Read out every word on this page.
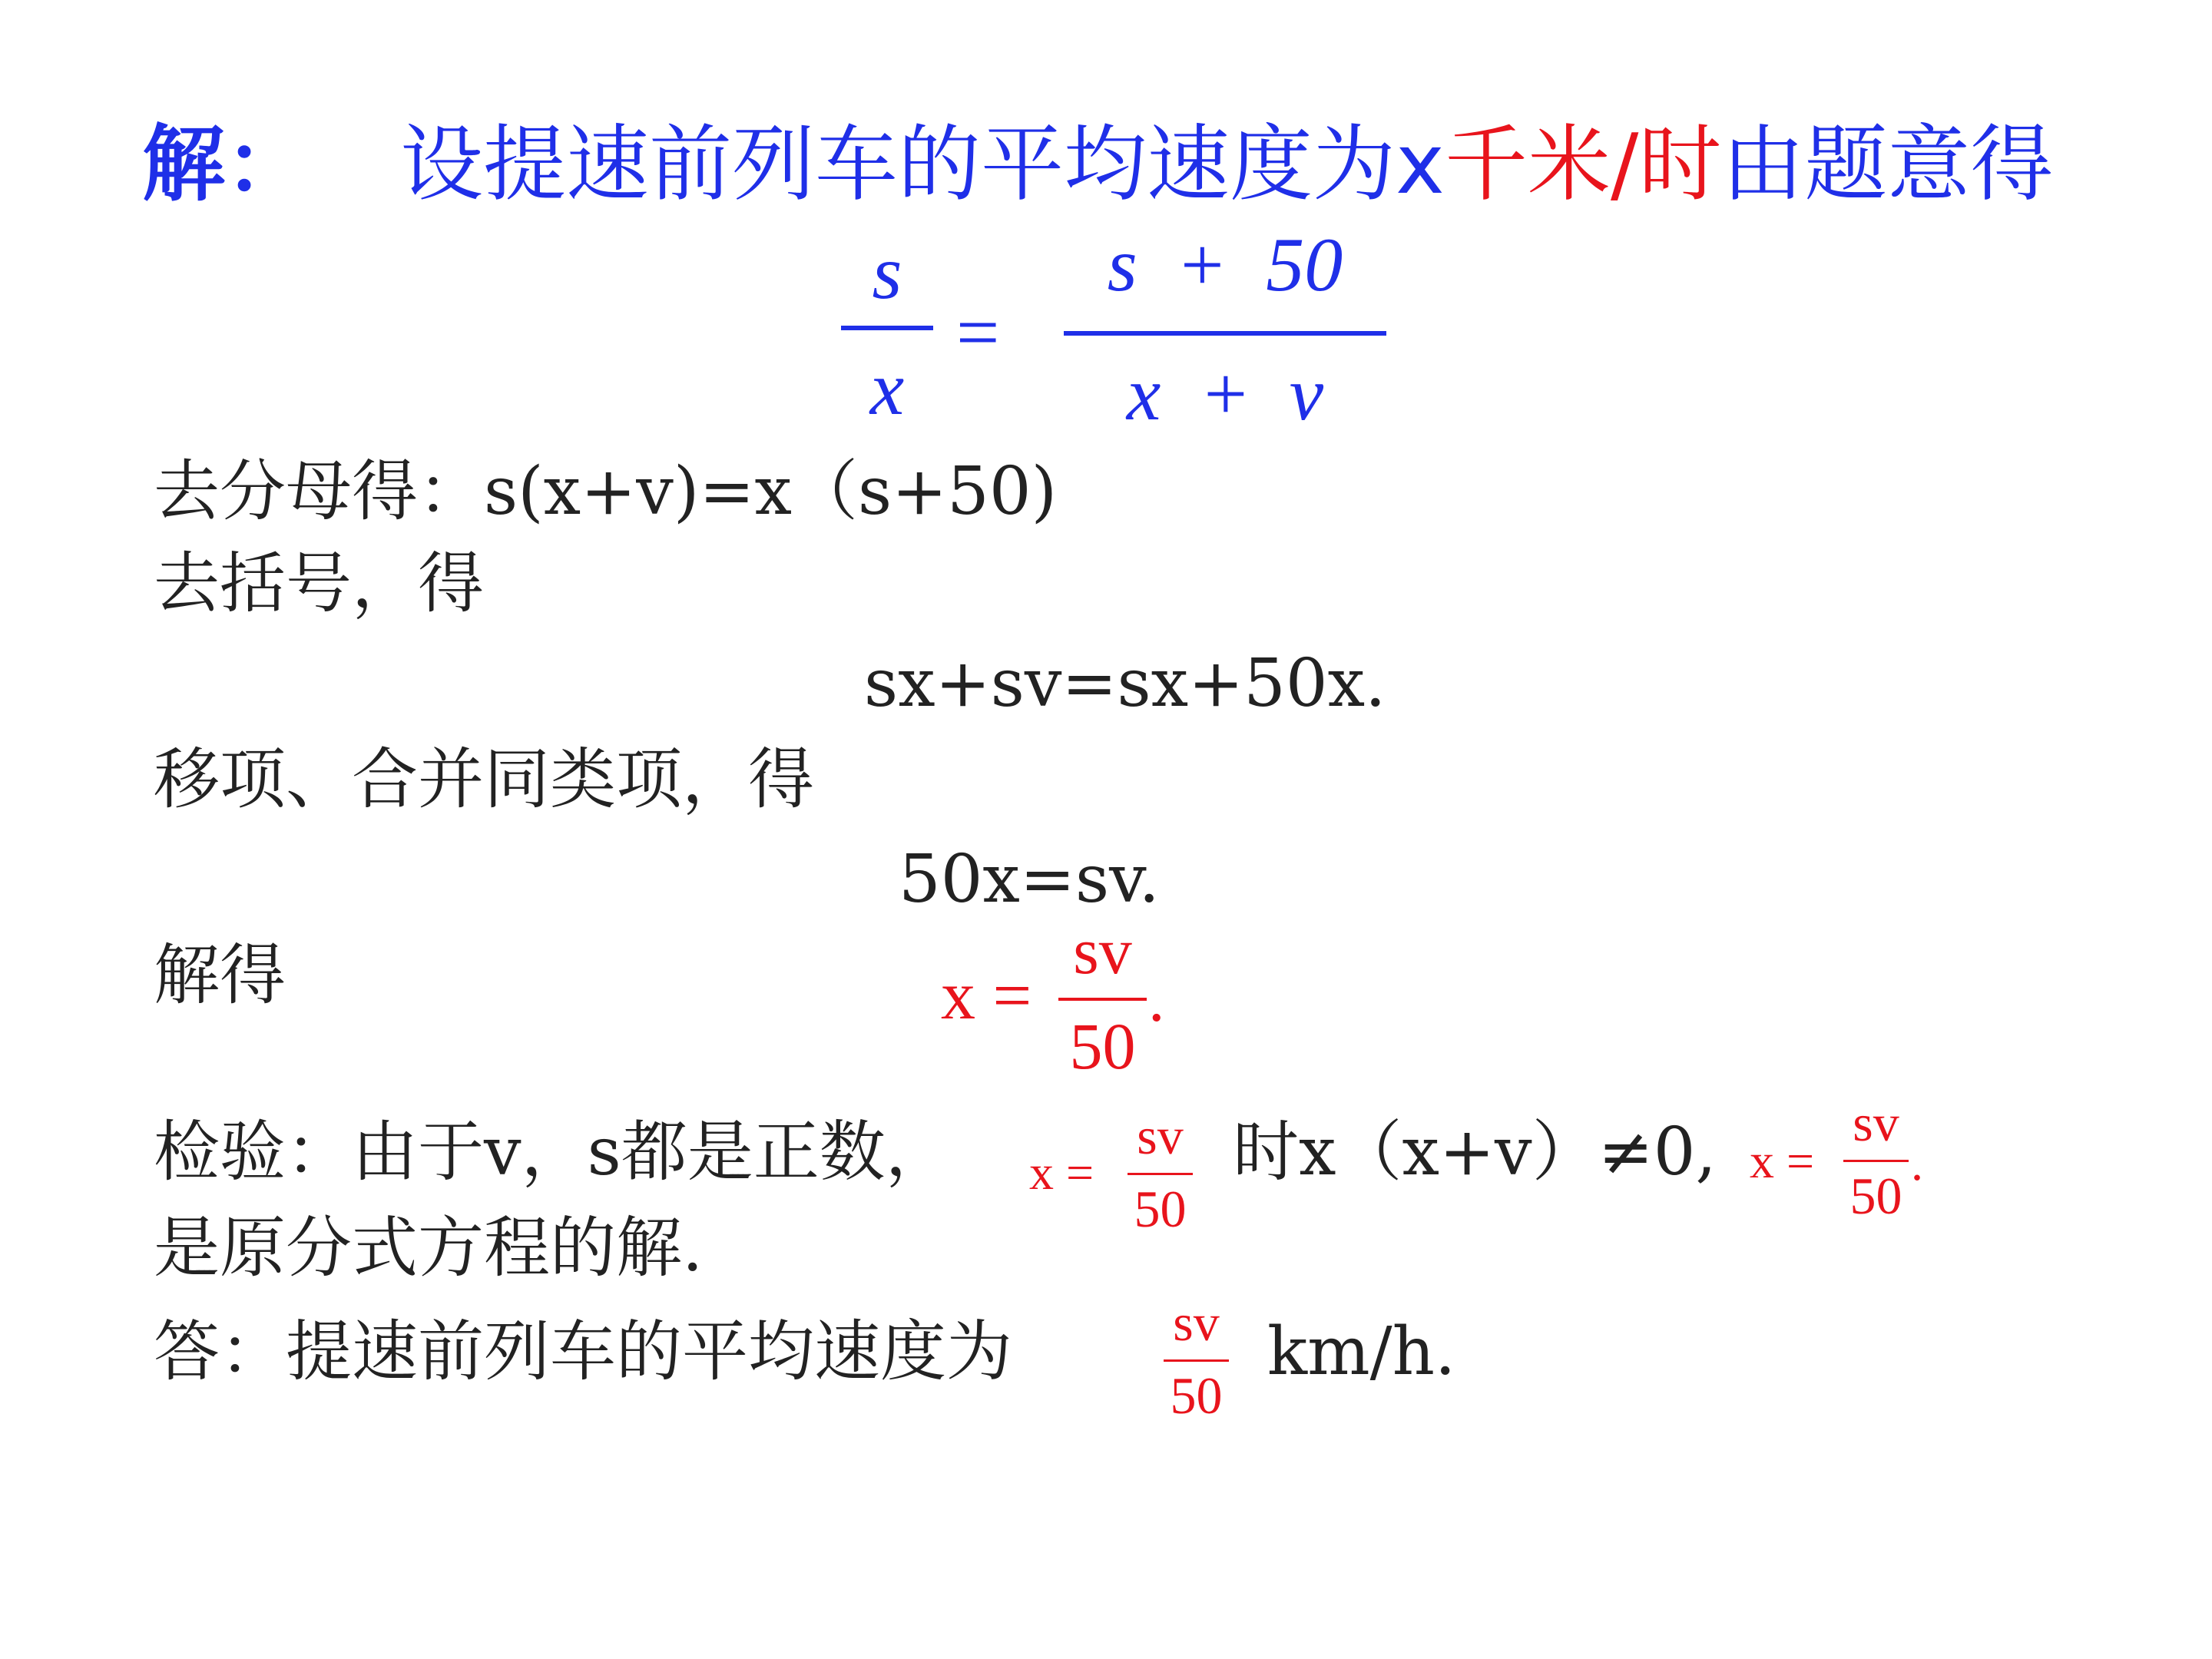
解： 设提速前列车的平均速度为x千米/时由题意得
s
x
=
s  +  50
x  +  v
去分母得：s(x+v)=x（s+50)
去括号，得
sx+sv=sx+50x.
移项、合并同类项，得
50x=sv.
解得	x =
sv
50
.
检验：由于v，s都是正数， x =
sv
50
时x（x+v）≠0, x =
sv
50
.
是原分式方程的解.
答：提速前列车的平均速度为	sv
50
km/h.
